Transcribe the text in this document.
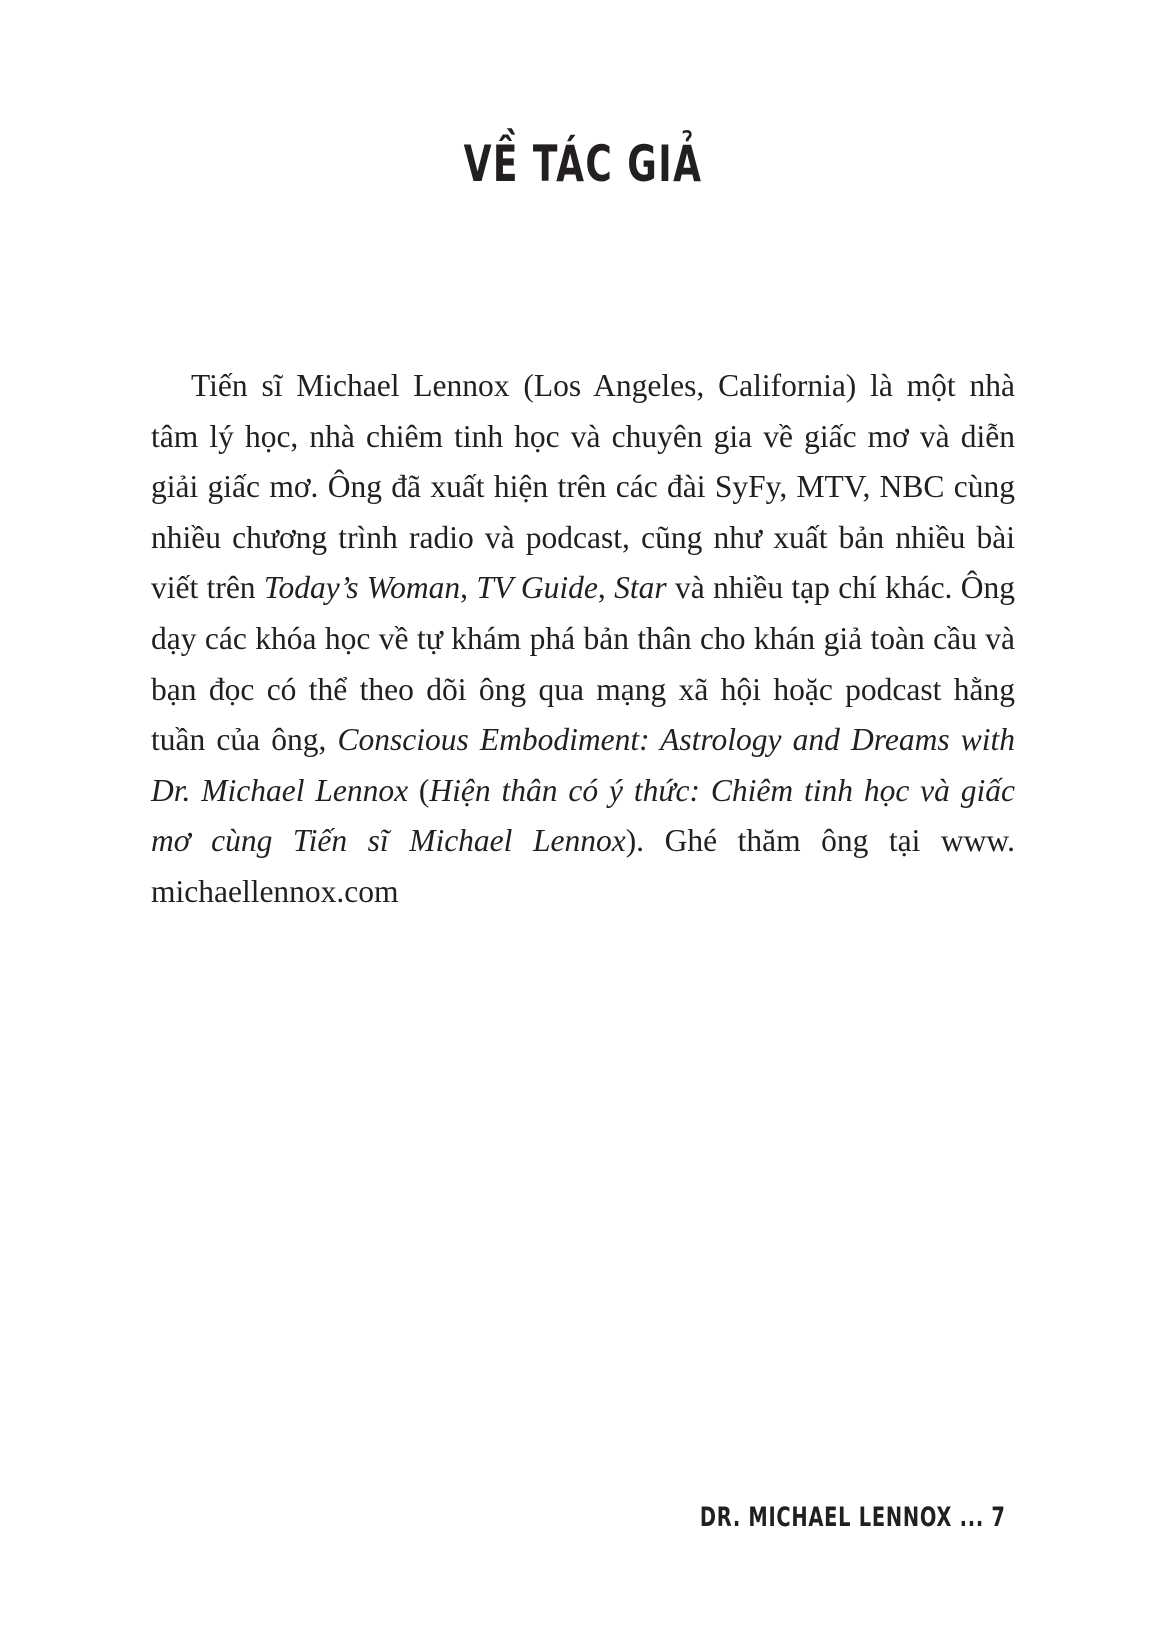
VỀ TÁC GIẢ

Tiến sĩ Michael Lennox (Los Angeles, California) là một nhà tâm lý học, nhà chiêm tinh học và chuyên gia về giấc mơ và diễn giải giấc mơ. Ông đã xuất hiện trên các đài SyFy, MTV, NBC cùng nhiều chương trình radio và podcast, cũng như xuất bản nhiều bài viết trên Today’s Woman, TV Guide, Star và nhiều tạp chí khác. Ông dạy các khóa học về tự khám phá bản thân cho khán giả toàn cầu và bạn đọc có thể theo dõi ông qua mạng xã hội hoặc podcast hằng tuần của ông, Conscious Embodiment: Astrology and Dreams with Dr. Michael Lennox (Hiện thân có ý thức: Chiêm tinh học và giấc mơ cùng Tiến sĩ Michael Lennox). Ghé thăm ông tại www. michaellennox.com

DR. MICHAEL LENNOX ... 7
